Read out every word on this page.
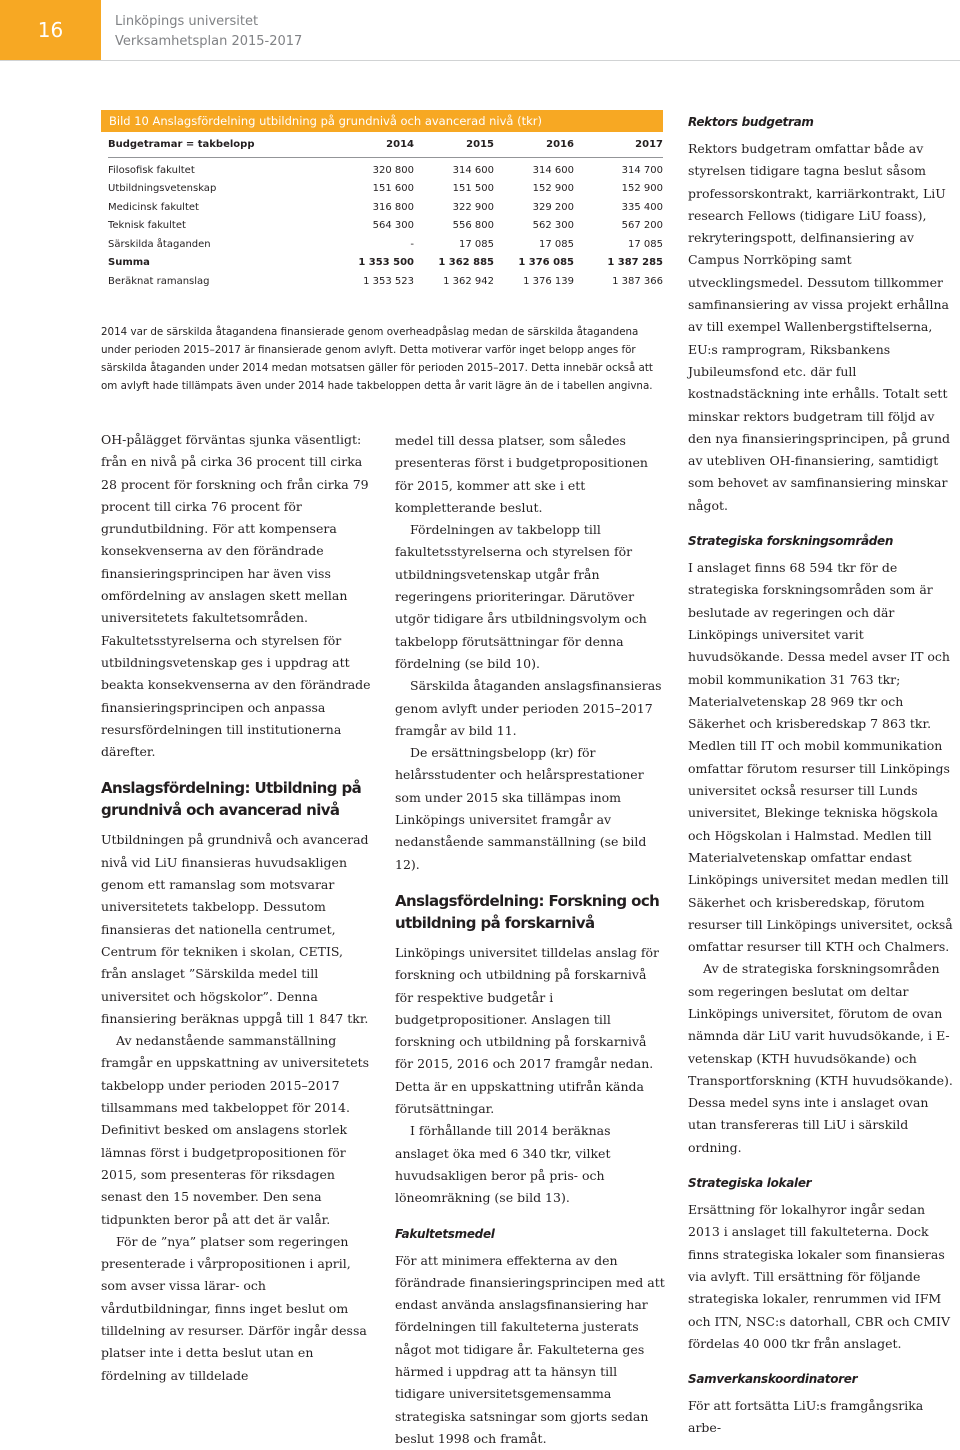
16	Linköpings universitet
Verksamhetsplan 2015-2017
Bild 10 Anslagsfördelning utbildning på grundnivå och avancerad nivå (tkr)
Budgetramar = takbelopp	2014	2015	2016	2017
Filosofisk fakultet	320 800	314 600	314 600	314 700
Utbildningsvetenskap	151 600	151 500	152 900	152 900
Medicinsk fakultet	316 800	322 900	329 200	335 400
Teknisk fakultet	564 300	556 800	562 300	567 200
Särskilda åtaganden	-	17 085	17 085	17 085
Summa	1 353 500	1 362 885	1 376 085	1 387 285
Beräknat ramanslag	1 353 523	1 362 942	1 376 139	1 387 366
2014 var de särskilda åtagandena finansierade genom overheadpåslag medan de särskilda åtagandena under perioden 2015–2017 är finansierade genom avlyft. Detta motiverar varför inget belopp anges för särskilda åtaganden under 2014 medan motsatsen gäller för perioden 2015–2017. Detta innebär också att om avlyft hade tillämpats även under 2014 hade takbeloppen detta år varit lägre än de i tabellen angivna.

OH-pålägget förväntas sjunka väsentligt: från en nivå på cirka 36 procent till cirka 28 procent för forskning och från cirka 79 procent till cirka 76 procent för grundutbildning. För att kompensera konsekvenserna av den förändrade finansieringsprincipen har även viss omfördelning av anslagen skett mellan universitetets fakultetsområden. Fakultetsstyrelserna och styrelsen för utbildningsvetenskap ges i uppdrag att beakta konsekvenserna av den förändrade finansieringsprincipen och anpassa resursfördelningen till institutionerna därefter.

Anslagsfördelning: Utbildning på grundnivå och avancerad nivå

Utbildningen på grundnivå och avancerad nivå vid LiU finansieras huvudsakligen genom ett ramanslag som motsvarar universitetets takbelopp. Dessutom finansieras det nationella centrumet, Centrum för tekniken i skolan, CETIS, från anslaget ”Särskilda medel till universitet och högskolor”. Denna finansiering beräknas uppgå till 1 847 tkr.

Av nedanstående sammanställning framgår en uppskattning av universitetets takbelopp under perioden 2015–2017 tillsammans med takbeloppet för 2014. Definitivt besked om anslagens storlek lämnas först i budgetpropositionen för 2015, som presenteras för riksdagen senast den 15 november. Den sena tidpunkten beror på att det är valår.

För de ”nya” platser som regeringen presenterade i vårpropositionen i april, som avser vissa lärar- och vårdutbildningar, finns inget beslut om tilldelning av resurser. Därför ingår dessa platser inte i detta beslut utan en fördelning av tilldelade

medel till dessa platser, som således presenteras först i budgetpropositionen för 2015, kommer att ske i ett kompletterande beslut.

Fördelningen av takbelopp till fakultetsstyrelserna och styrelsen för utbildningsvetenskap utgår från regeringens prioriteringar. Därutöver utgör tidigare års utbildningsvolym och takbelopp förutsättningar för denna fördelning (se bild 10).

Särskilda åtaganden anslagsfinansieras genom avlyft under perioden 2015–2017 framgår av bild 11.

De ersättningsbelopp (kr) för helårsstudenter och helårsprestationer som under 2015 ska tillämpas inom Linköpings universitet framgår av nedanstående sammanställning (se bild 12).

Anslagsfördelning: Forskning och utbildning på forskarnivå

Linköpings universitet tilldelas anslag för forskning och utbildning på forskarnivå för respektive budgetår i budgetpropositioner. Anslagen till forskning och utbildning på forskarnivå för 2015, 2016 och 2017 framgår nedan. Detta är en uppskattning utifrån kända förutsättningar.

I förhållande till 2014 beräknas anslaget öka med 6 340 tkr, vilket huvudsakligen beror på pris- och löneomräkning (se bild 13).

Fakultetsmedel

För att minimera effekterna av den förändrade finansieringsprincipen med att endast använda anslagsfinansiering har fördelningen till fakulteterna justerats något mot tidigare år. Fakulteterna ges härmed i uppdrag att ta hänsyn till tidigare universitetsgemensamma strategiska satsningar som gjorts sedan beslut 1998 och framåt.

Rektors budgetram

Rektors budgetram omfattar både av styrelsen tidigare tagna beslut såsom professorskontrakt, karriärkontrakt, LiU research Fellows (tidigare LiU foass), rekryteringspott, delfinansiering av Campus Norrköping samt utvecklingsmedel. Dessutom tillkommer samfinansiering av vissa projekt erhållna av till exempel Wallenbergstiftelserna, EU:s ramprogram, Riksbankens Jubileumsfond etc. där full kostnadstäckning inte erhålls. Totalt sett minskar rektors budgetram till följd av den nya finansieringsprincipen, på grund av utebliven OH-finansiering, samtidigt som behovet av samfinansiering minskar något.

Strategiska forskningsområden

I anslaget finns 68 594 tkr för de strategiska forskningsområden som är beslutade av regeringen och där Linköpings universitet varit huvudsökande. Dessa medel avser IT och mobil kommunikation 31 763 tkr; Materialvetenskap 28 969 tkr och Säkerhet och krisberedskap 7 863 tkr. Medlen till IT och mobil kommunikation omfattar förutom resurser till Linköpings universitet också resurser till Lunds universitet, Blekinge tekniska högskola och Högskolan i Halmstad. Medlen till Materialvetenskap omfattar endast Linköpings universitet medan medlen till Säkerhet och krisberedskap, förutom resurser till Linköpings universitet, också omfattar resurser till KTH och Chalmers.

Av de strategiska forskningsområden som regeringen beslutat om deltar Linköpings universitet, förutom de ovan nämnda där LiU varit huvudsökande, i E-vetenskap (KTH huvudsökande) och Transportforskning (KTH huvudsökande). Dessa medel syns inte i anslaget ovan utan transfereras till LiU i särskild ordning.

Strategiska lokaler

Ersättning för lokalhyror ingår sedan 2013 i anslaget till fakulteterna. Dock finns strategiska lokaler som finansieras via avlyft. Till ersättning för följande strategiska lokaler, renrummen vid IFM och ITN, NSC:s datorhall, CBR och CMIV fördelas 40 000 tkr från anslaget.

Samverkanskoordinatorer

För att fortsätta LiU:s framgångsrika arbe-
